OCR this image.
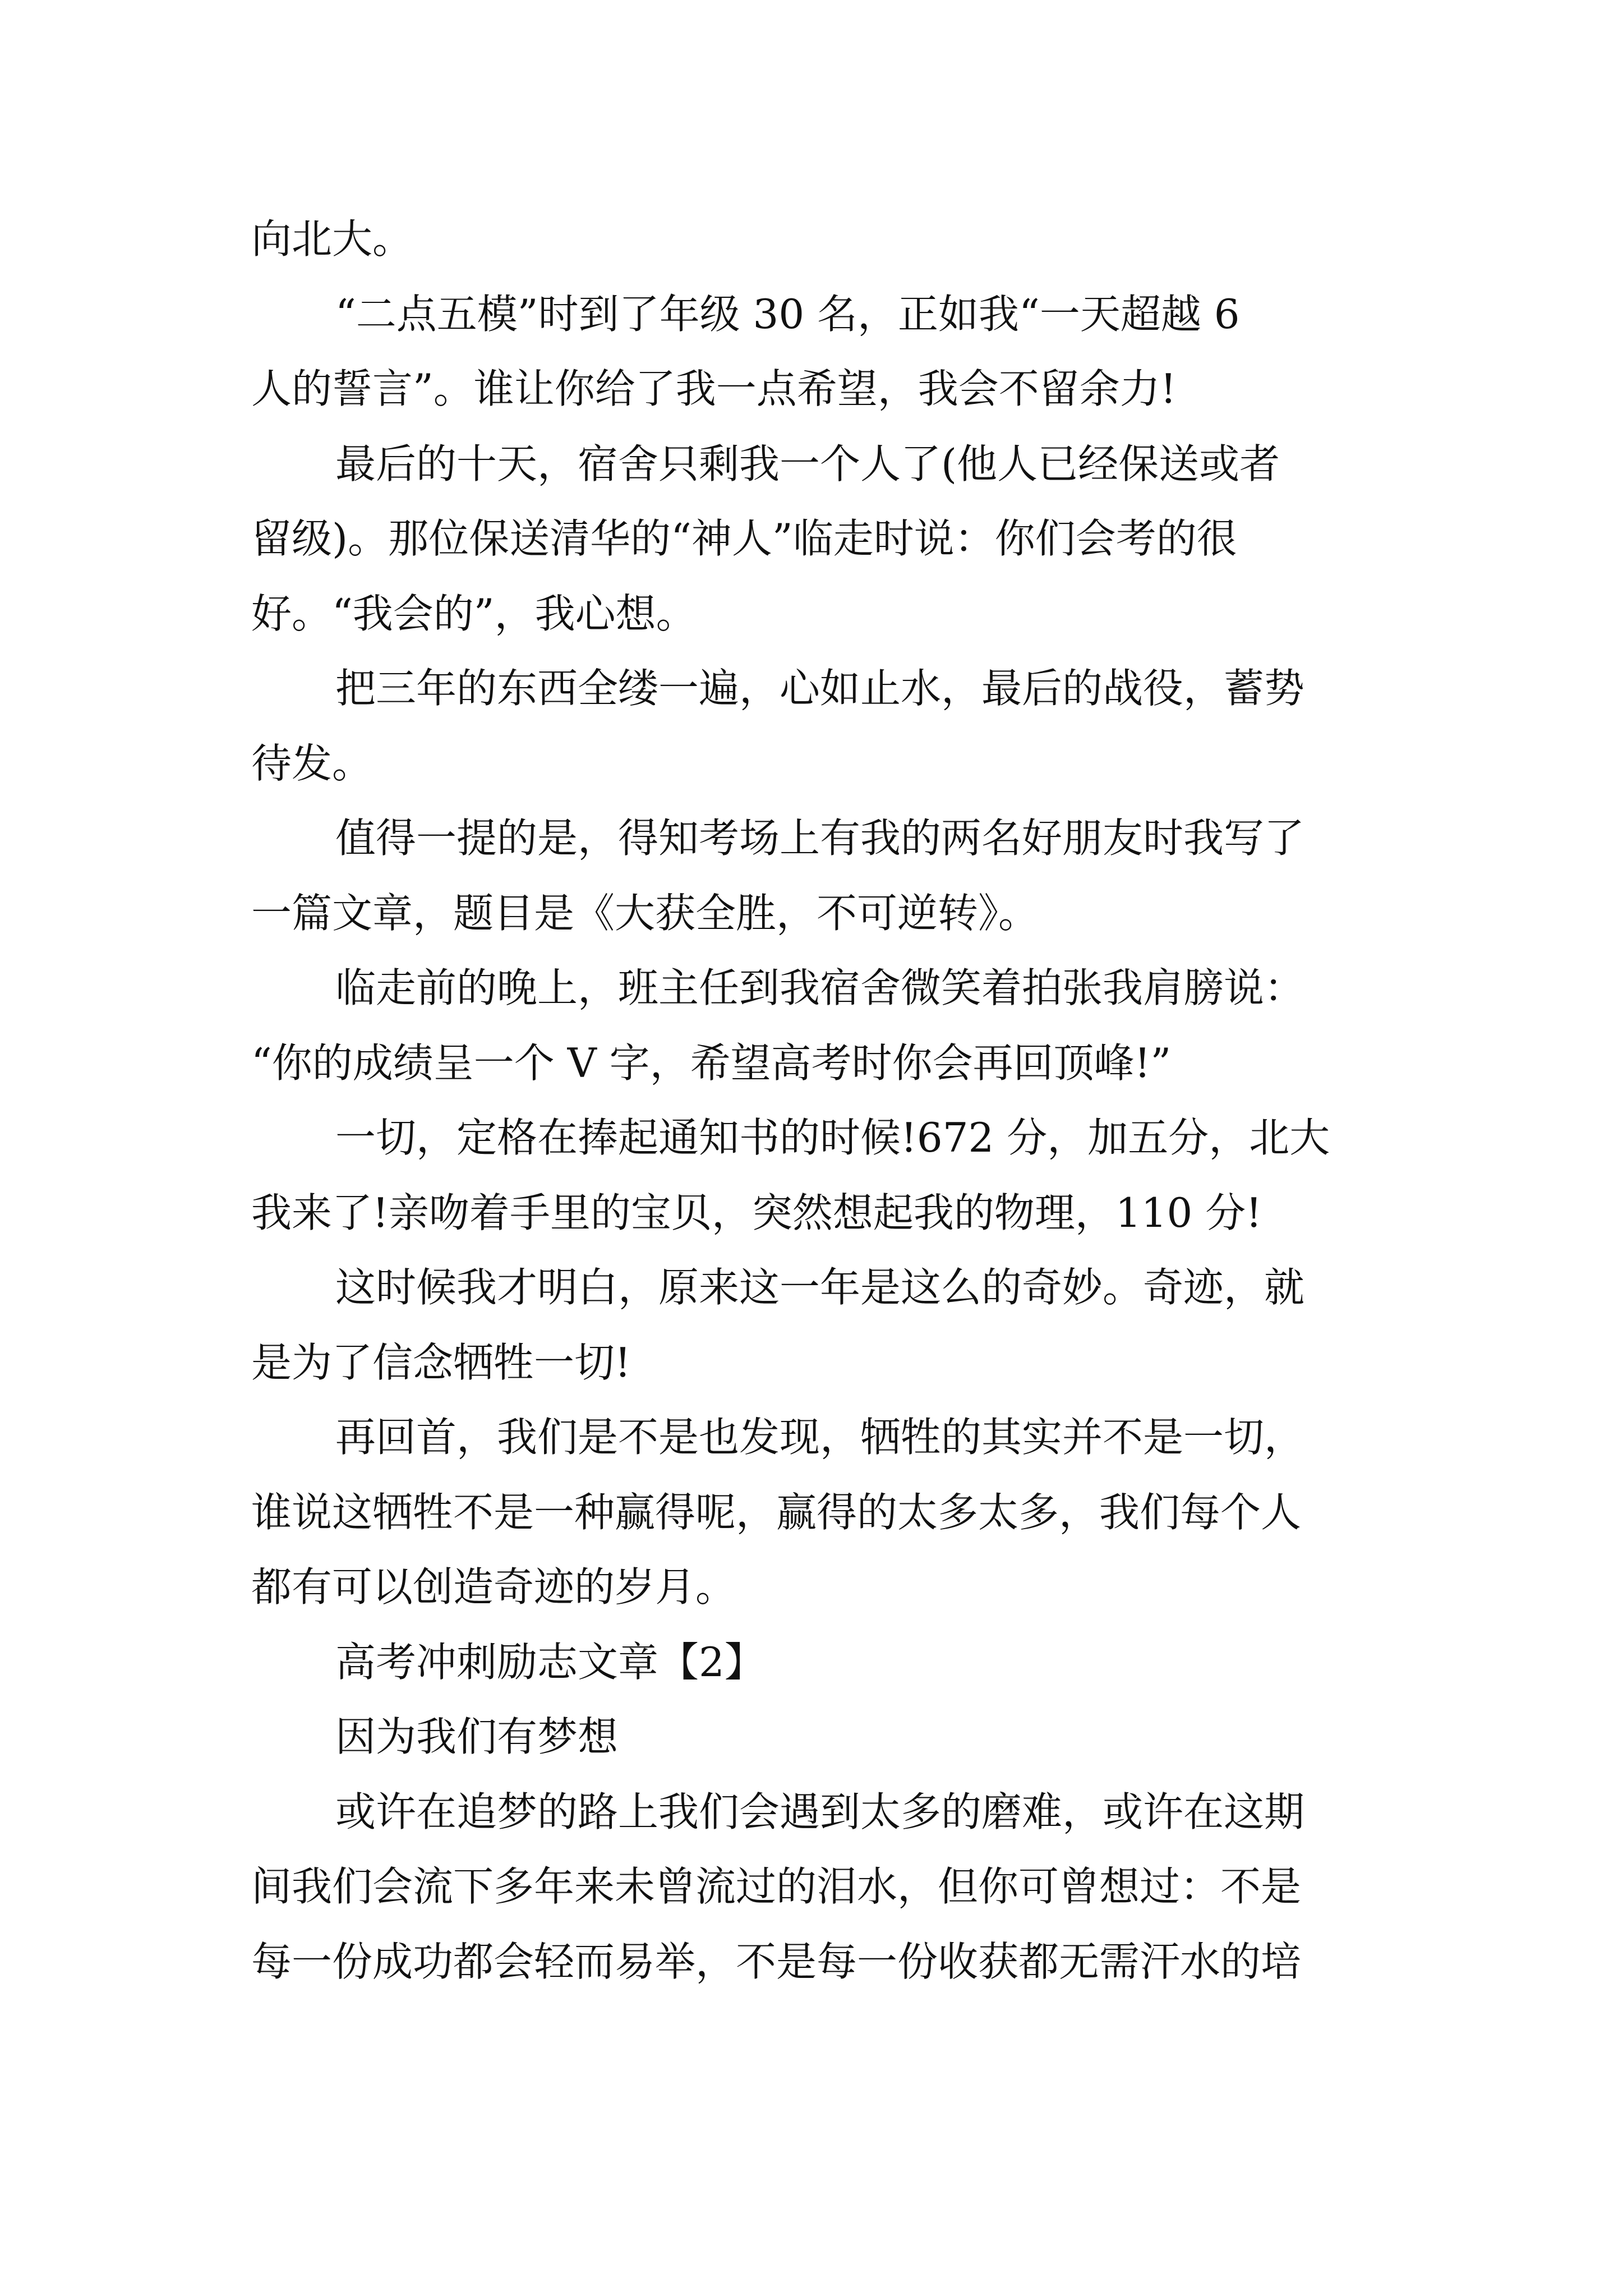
向北大。

“二点五模”时到了年级 30 名，正如我“一天超越 6
人的誓言”。谁让你给了我一点希望，我会不留余力!

最后的十天，宿舍只剩我一个人了(他人已经保送或者
留级)。那位保送清华的“神人”临走时说：你们会考的很
好。“我会的”，我心想。

把三年的东西全缕一遍，心如止水，最后的战役，蓄势
待发。

值得一提的是，得知考场上有我的两名好朋友时我写了
一篇文章，题目是《大获全胜，不可逆转》。

临走前的晚上，班主任到我宿舍微笑着拍张我肩膀说：
“你的成绩呈一个 V 字，希望高考时你会再回顶峰!”

一切，定格在捧起通知书的时候!672 分，加五分，北大
我来了!亲吻着手里的宝贝，突然想起我的物理，110 分!

这时候我才明白，原来这一年是这么的奇妙。奇迹，就
是为了信念牺牲一切!

再回首，我们是不是也发现，牺牲的其实并不是一切，
谁说这牺牲不是一种赢得呢，赢得的太多太多，我们每个人
都有可以创造奇迹的岁月。

高考冲刺励志文章【2】

因为我们有梦想

或许在追梦的路上我们会遇到太多的磨难，或许在这期
间我们会流下多年来未曾流过的泪水，但你可曾想过：不是
每一份成功都会轻而易举，不是每一份收获都无需汗水的培
